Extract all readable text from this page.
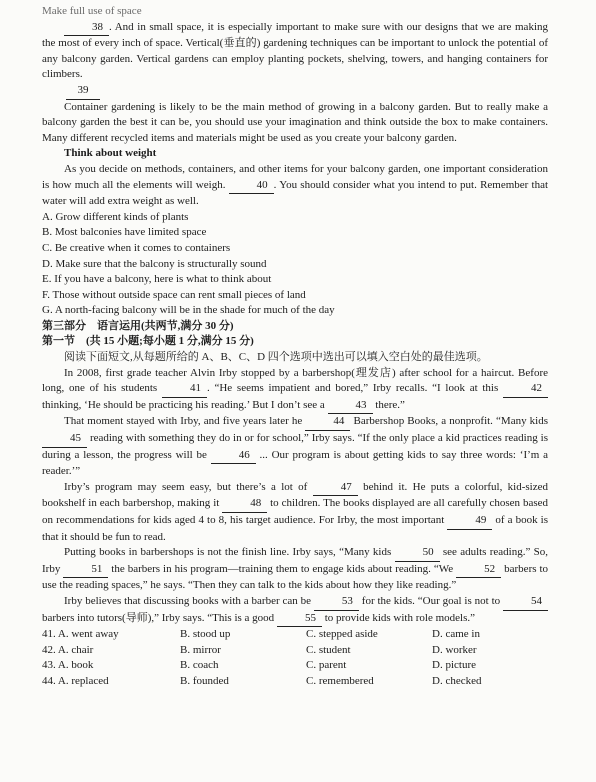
Make full use of space

38 . And in small space, it is especially important to make sure with our designs that we are making the most of every inch of space. Vertical(垂直的) gardening techniques can be important to unlock the potential of any balcony garden. Vertical gardens can employ planting pockets, shelving, towers, and hanging containers for climbers.

39

Container gardening is likely to be the main method of growing in a balcony garden. But to really make a balcony garden the best it can be, you should use your imagination and think outside the box to make containers. Many different recycled items and materials might be used as you create your balcony garden.

Think about weight

As you decide on methods, containers, and other items for your balcony garden, one important consideration is how much all the elements will weigh.	40 . You should consider what you intend to put. Remember that water will add extra weight as well.

A. Grow different kinds of plants

B. Most balconies have limited space

C. Be creative when it comes to containers

D. Make sure that the balcony is structurally sound

E. If you have a balcony, here is what to think about

F. Those without outside space can rent small pieces of land

G. A north-facing balcony will be in the shade for much of the day

第三部分　语言运用(共两节,满分 30 分)

第一节　(共 15 小题;每小题 1 分,满分 15 分)

阅读下面短文,从每题所给的 A、B、C、D 四个选项中选出可以填入空白处的最佳选项。

In 2008, first grade teacher Alvin Irby stopped by a barbershop(理发店) after school for a haircut. Before long, one of his students	41 . “He seems impatient and bored,” Irby recalls. “I look at this	42 thinking, ‘He should be practicing his reading.’ But I don’t see a	43 there.”

That moment stayed with Irby, and five years later he	44 Barbershop Books, a nonprofit. “Many kids 45 reading with something they do in or for school,” Irby says. “If the only place a kid practices reading is during a lesson, the progress will be	46 ... Our program is about getting kids to say three words: ‘I’m a reader.’”

Irby’s program may seem easy, but there’s a lot of	47 behind it. He puts a colorful, kid-sized bookshelf in each barbershop, making it	48 to children. The books displayed are all carefully chosen based on recommendations for kids aged 4 to 8, his target audience. For Irby, the most important	49 of a book is that it should be fun to read.

Putting books in barbershops is not the finish line. Irby says, “Many kids	50 see adults reading.” So, Irby	51 the barbers in his program—training them to engage kids about reading. “We	52 barbers to use the reading spaces,” he says. “Then they can talk to the kids about how they like reading.”

Irby believes that discussing books with a barber can be	53 for the kids. “Our goal is not to	54 barbers into tutors(导师),” Irby says. “This is a good	55 to provide kids with role models.”

41. A. went away	B. stood up	C. stepped aside	D. came in
42. A. chair	B. mirror	C. student	D. worker
43. A. book	B. coach	C. parent	D. picture
44. A. replaced	B. founded	C. remembered	D. checked
